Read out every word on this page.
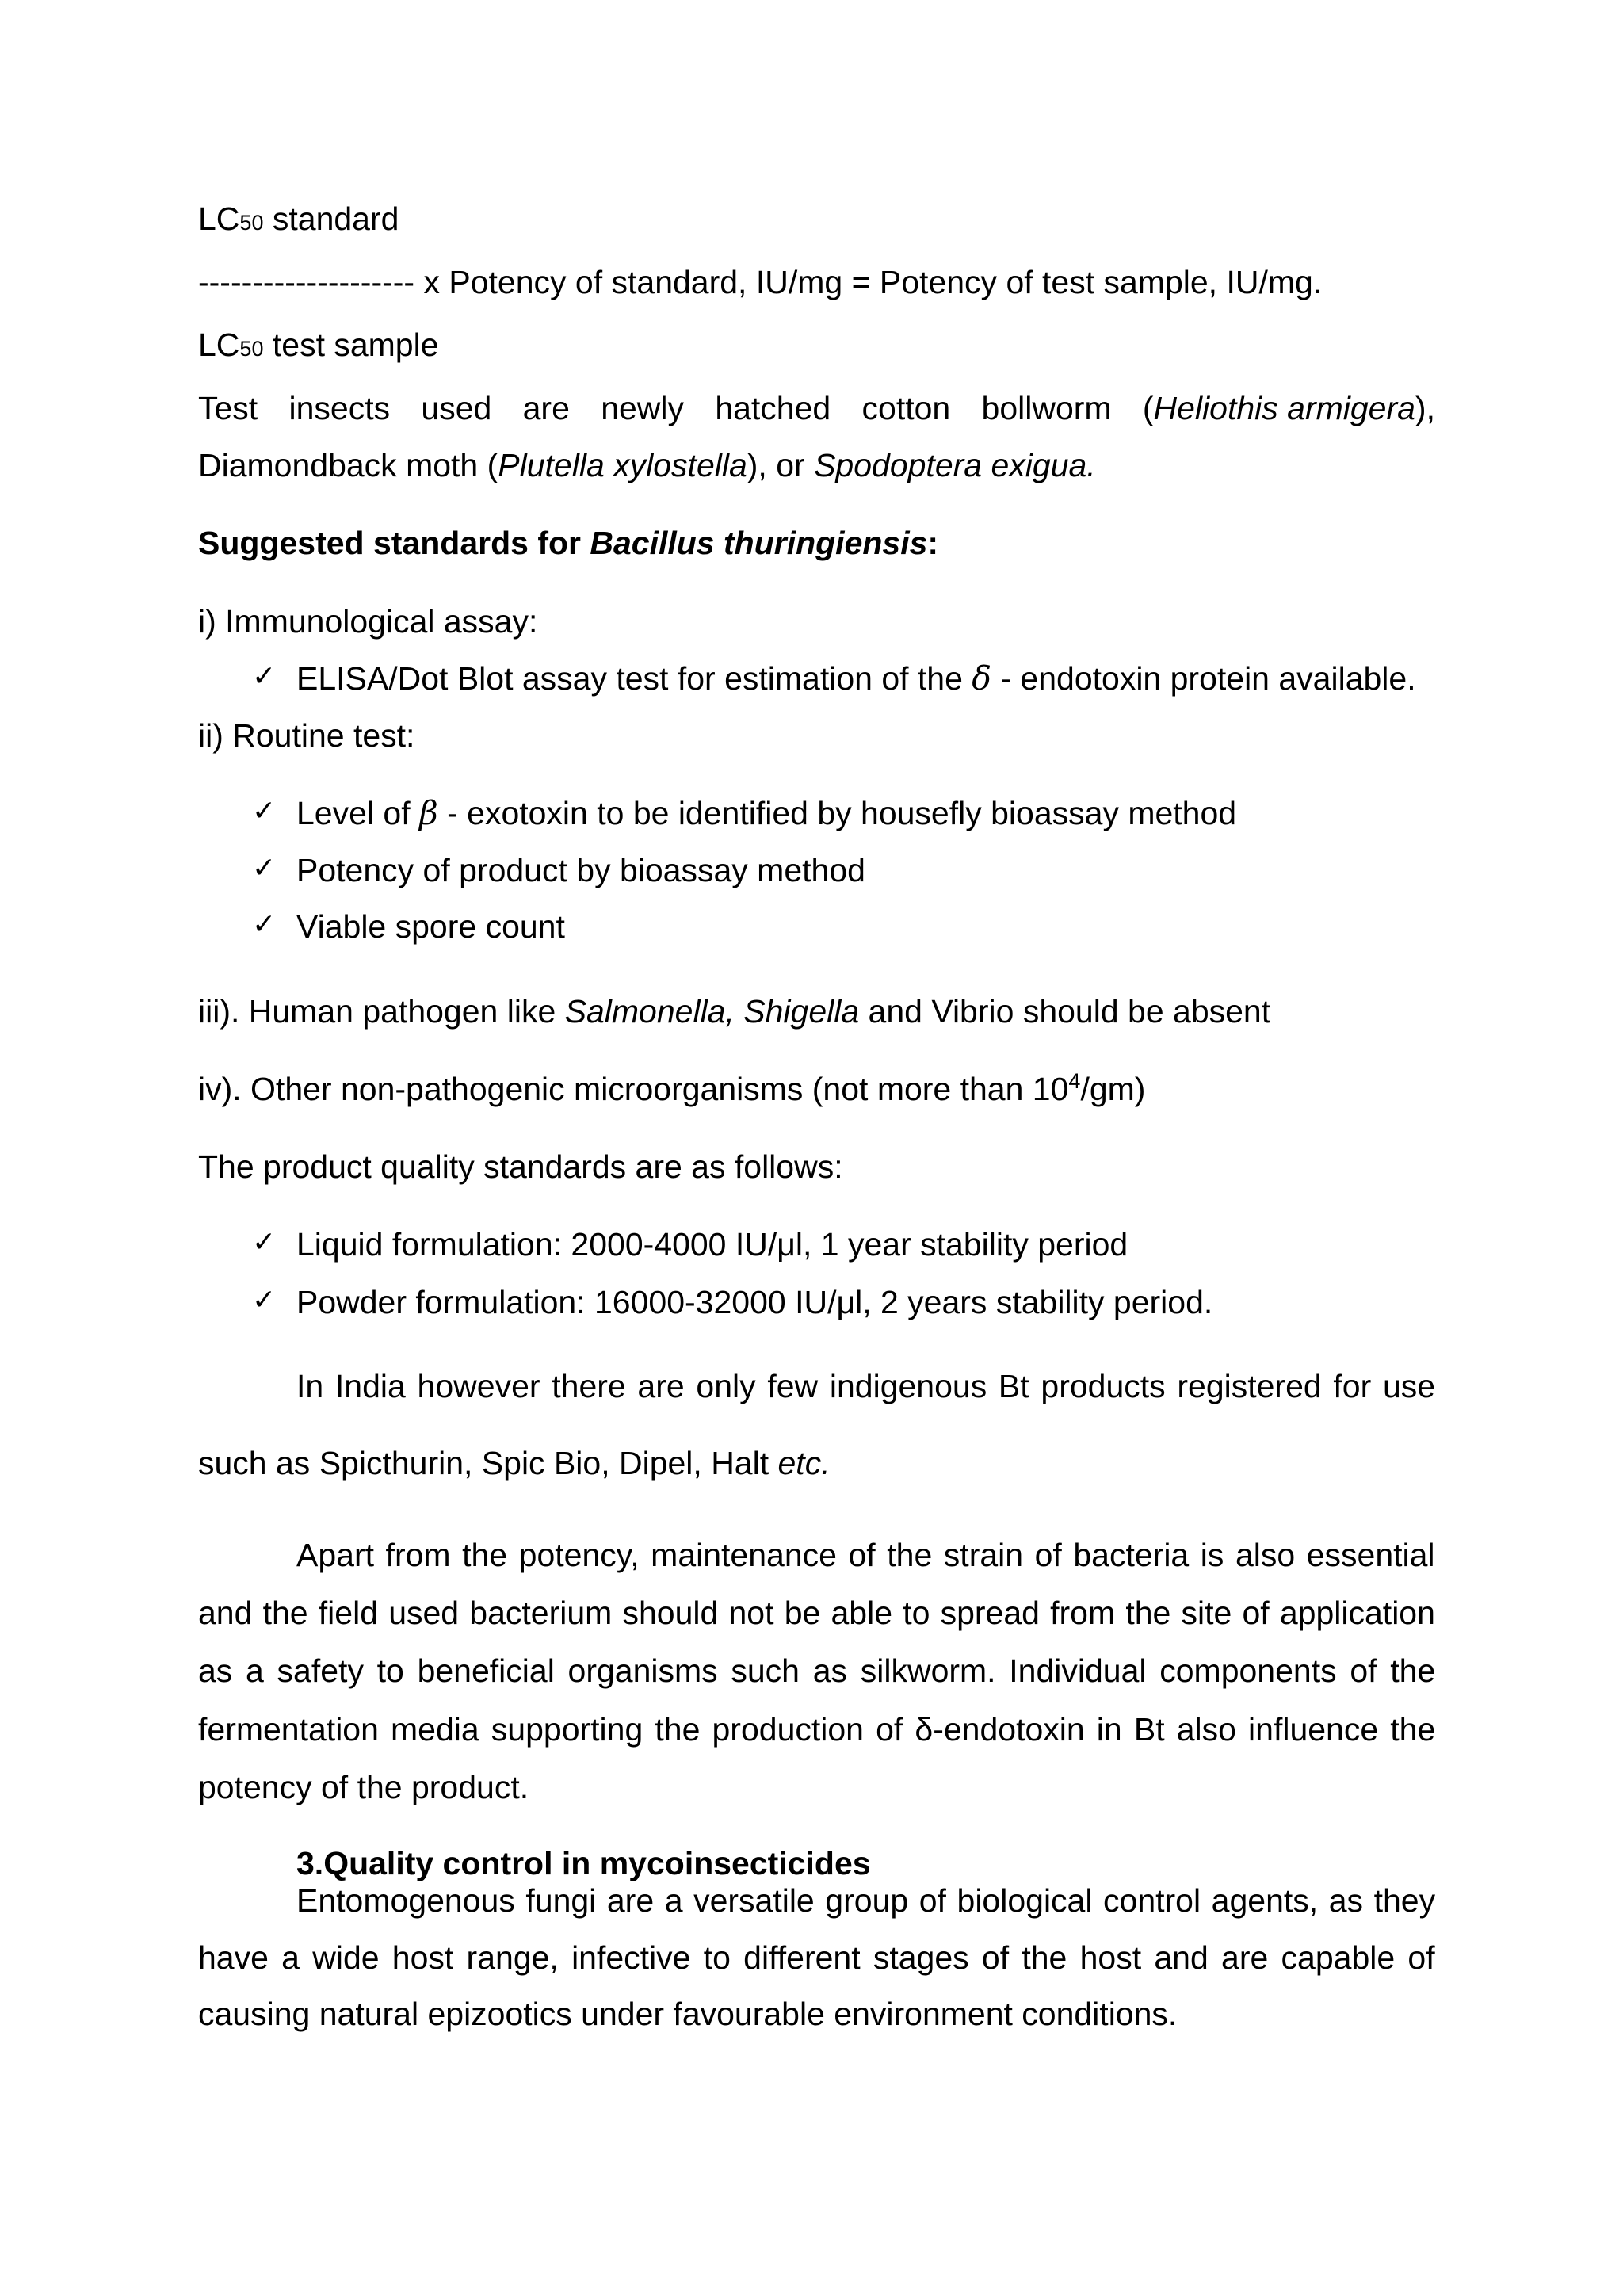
LC50 standard
-------------------- x Potency of standard, IU/mg = Potency of test sample, IU/mg.
LC50 test sample
Test insects used are newly hatched cotton bollworm (Heliothis armigera),
Diamondback moth (Plutella xylostella), or Spodoptera exigua.
Suggested standards for Bacillus thuringiensis:
i) Immunological assay:
✓ ELISA/Dot Blot assay test for estimation of the δ - endotoxin protein available.
ii) Routine test:
✓ Level of β - exotoxin to be identified by housefly bioassay method
✓ Potency of product by bioassay method
✓ Viable spore count
iii). Human pathogen like Salmonella, Shigella and Vibrio should be absent
iv). Other non-pathogenic microorganisms (not more than $10^4/gm$)
The product quality standards are as follows:
✓ Liquid formulation: 2000-4000 IU/μl, 1 year stability period
✓ Powder formulation: 16000-32000 IU/μl, 2 years stability period.
In India however there are only few indigenous Bt products registered for use
such as Spicthurin, Spic Bio, Dipel, Halt etc.
Apart from the potency, maintenance of the strain of bacteria is also essential
and the field used bacterium should not be able to spread from the site of application
as a safety to beneficial organisms such as silkworm. Individual components of the
fermentation media supporting the production of δ-endotoxin in Bt also influence the
potency of the product.
3.Quality control in mycoinsecticides
Entomogenous fungi are a versatile group of biological control agents, as they
have a wide host range, infective to different stages of the host and are capable of
causing natural epizootics under favourable environment conditions.
